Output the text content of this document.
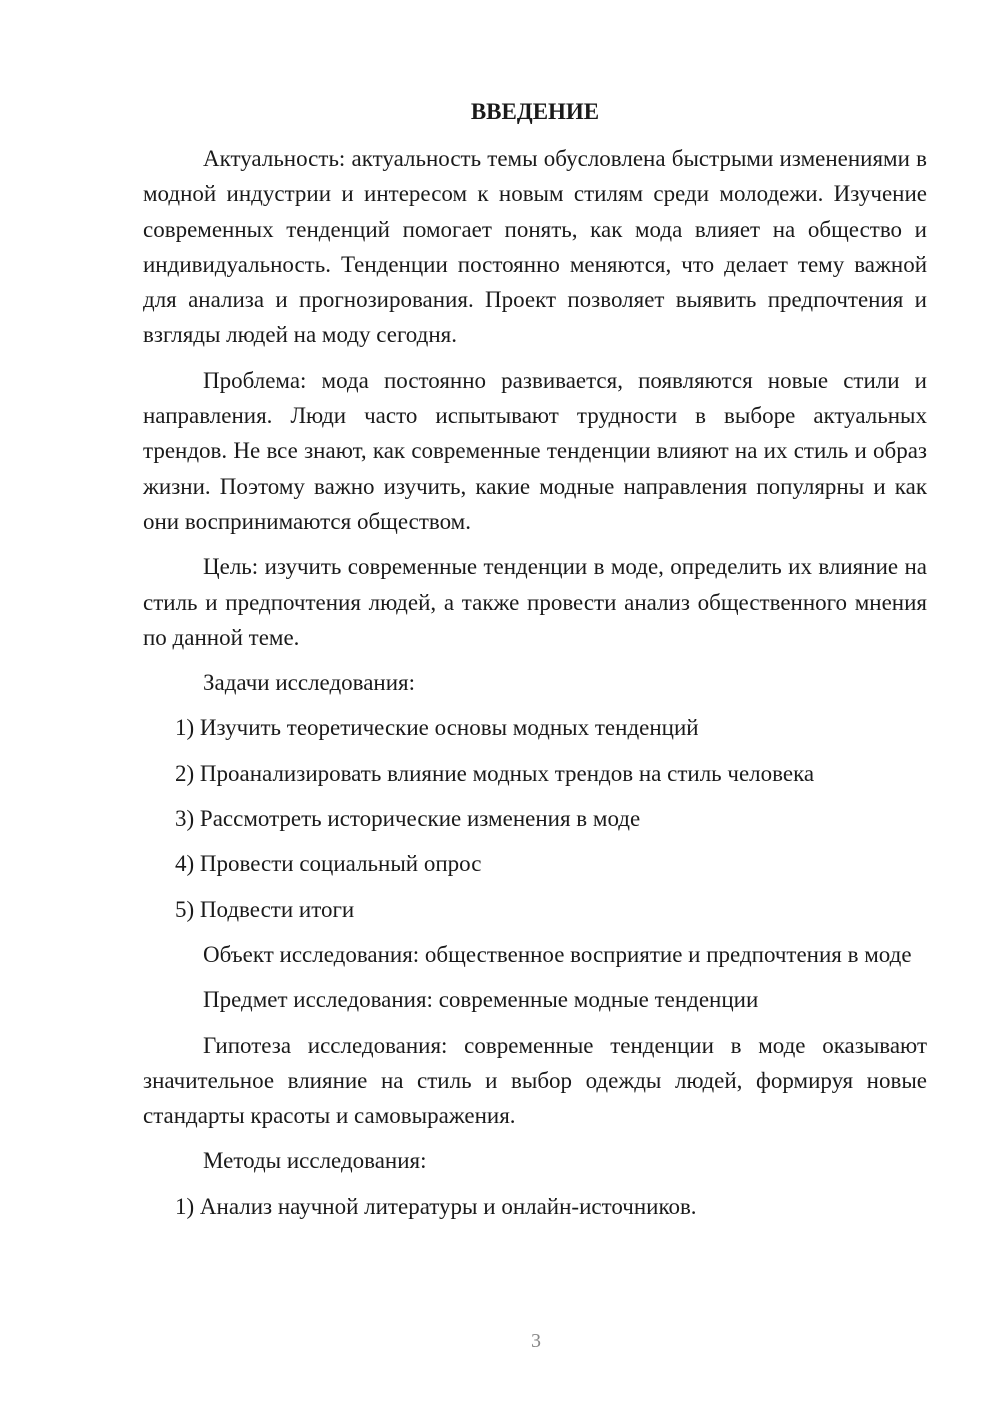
ВВЕДЕНИЕ

Актуальность: актуальность темы обусловлена быстрыми изменениями в модной индустрии и интересом к новым стилям среди молодежи. Изучение современных тенденций помогает понять, как мода влияет на общество и индивидуальность. Тенденции постоянно меняются, что делает тему важной для анализа и прогнозирования. Проект позволяет выявить предпочтения и взгляды людей на моду сегодня.

Проблема: мода постоянно развивается, появляются новые стили и направления. Люди часто испытывают трудности в выборе актуальных трендов. Не все знают, как современные тенденции влияют на их стиль и образ жизни. Поэтому важно изучить, какие модные направления популярны и как они воспринимаются обществом.

Цель: изучить современные тенденции в моде, определить их влияние на стиль и предпочтения людей, а также провести анализ общественного мнения по данной теме.

Задачи исследования:

1) Изучить теоретические основы модных тенденций
2) Проанализировать влияние модных трендов на стиль человека
3) Рассмотреть исторические изменения в моде
4) Провести социальный опрос
5) Подвести итоги

Объект исследования: общественное восприятие и предпочтения в моде

Предмет исследования: современные модные тенденции

Гипотеза исследования: современные тенденции в моде оказывают значительное влияние на стиль и выбор одежды людей, формируя новые стандарты красоты и самовыражения.

Методы исследования:

1) Анализ научной литературы и онлайн-источников.
3
